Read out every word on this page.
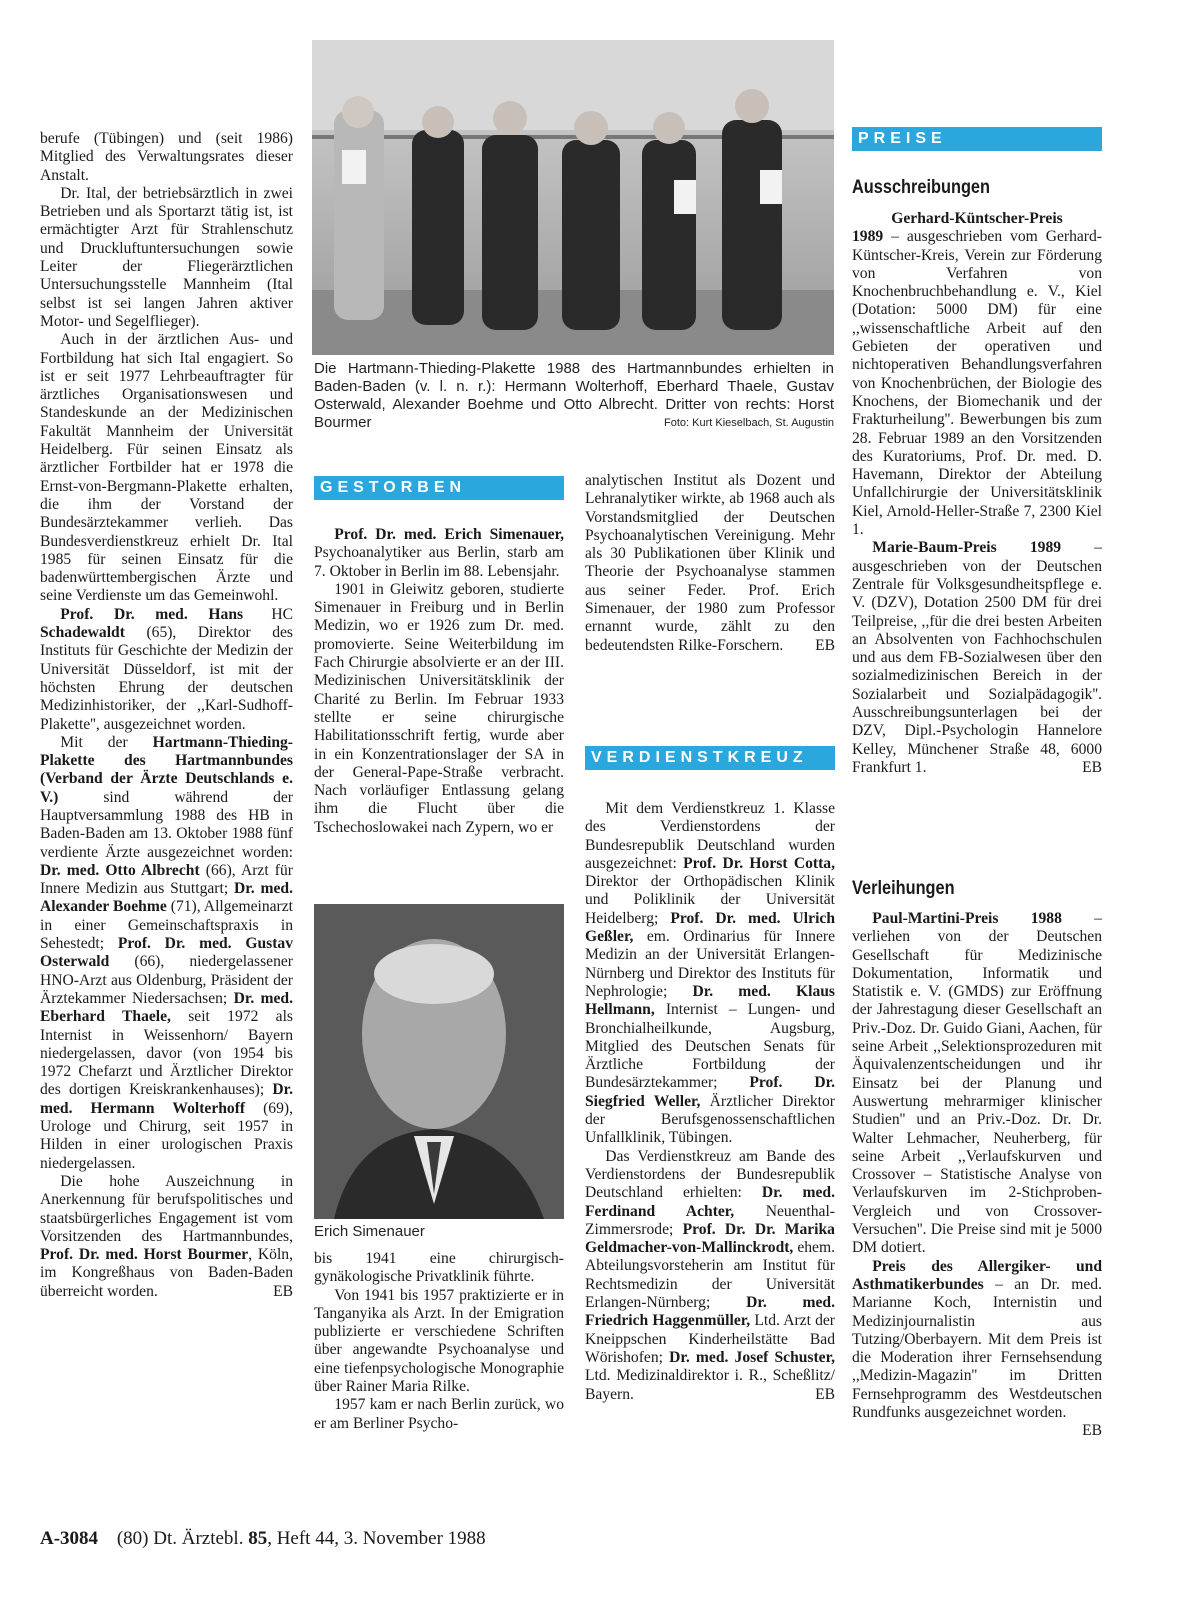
berufe (Tübingen) und (seit 1986) Mitglied des Verwaltungsrates dieser Anstalt.

Dr. Ital, der betriebsärztlich in zwei Betrieben und als Sportarzt tätig ist, ist ermächtigter Arzt für Strahlenschutz und Druckluftuntersuchungen sowie Leiter der Fliegerärztlichen Untersuchungsstelle Mannheim (Ital selbst ist sei langen Jahren aktiver Motor- und Segelflieger).

Auch in der ärztlichen Aus- und Fortbildung hat sich Ital engagiert. So ist er seit 1977 Lehrbeauftragter für ärztliches Organisationswesen und Standeskunde an der Medizinischen Fakultät Mannheim der Universität Heidelberg. Für seinen Einsatz als ärztlicher Fortbilder hat er 1978 die Ernst-von-Bergmann-Plakette erhalten, die ihm der Vorstand der Bundesärztekammer verlieh. Das Bundesverdienstkreuz erhielt Dr. Ital 1985 für seinen Einsatz für die badenwürttembergischen Ärzte und seine Verdienste um das Gemeinwohl.
HC

Prof. Dr. med. Hans Schadewaldt (65), Direktor des Instituts für Geschichte der Medizin der Universität Düsseldorf, ist mit der höchsten Ehrung der deutschen Medizinhistoriker, der ,,Karl-Sudhoff-Plakette'', ausgezeichnet worden.

Mit der Hartmann-Thieding-Plakette des Hartmannbundes (Verband der Ärzte Deutschlands e. V.) sind während der Hauptversammlung 1988 des HB in Baden-Baden am 13. Oktober 1988 fünf verdiente Ärzte ausgezeichnet worden: Dr. med. Otto Albrecht (66), Arzt für Innere Medizin aus Stuttgart; Dr. med. Alexander Boehme (71), Allgemeinarzt in einer Gemeinschaftspraxis in Sehestedt; Prof. Dr. med. Gustav Osterwald (66), niedergelassener HNO-Arzt aus Oldenburg, Präsident der Ärztekammer Niedersachsen; Dr. med. Eberhard Thaele, seit 1972 als Internist in Weissenhorn/ Bayern niedergelassen, davor (von 1954 bis 1972 Chefarzt und Ärztlicher Direktor des dortigen Kreiskrankenhauses); Dr. med. Hermann Wolterhoff (69), Urologe und Chirurg, seit 1957 in Hilden in einer urologischen Praxis niedergelassen.

Die hohe Auszeichnung in Anerkennung für berufspolitisches und staatsbürgerliches Engagement ist vom Vorsitzenden des Hartmannbundes, Prof. Dr. med. Horst Bourmer, Köln, im Kongreßhaus von Baden-Baden überreicht worden.	EB

Die Hartmann-Thieding-Plakette 1988 des Hartmannbundes erhielten in Baden-Baden (v. l. n. r.): Hermann Wolterhoff, Eberhard Thaele, Gustav Osterwald, Alexander Boehme und Otto Albrecht. Dritter von rechts: Horst Bourmer	Foto: Kurt Kieselbach, St. Augustin
GESTORBEN

Prof. Dr. med. Erich Simenauer, Psychoanalytiker aus Berlin, starb am 7. Oktober in Berlin im 88. Lebensjahr.

1901 in Gleiwitz geboren, studierte Simenauer in Freiburg und in Berlin Medizin, wo er 1926 zum Dr. med. promovierte. Seine Weiterbildung im Fach Chirurgie absolvierte er an der III. Medizinischen Universitätsklinik der Charité zu Berlin. Im Februar 1933 stellte er seine chirurgische Habilitationsschrift fertig, wurde aber in ein Konzentrationslager der SA in der General-Pape-Straße verbracht. Nach vorläufiger Entlassung gelang ihm die Flucht über die Tschechoslowakei nach Zypern, wo er

Erich Simenauer

bis 1941 eine chirurgisch-gynäkologische Privatklinik führte.

Von 1941 bis 1957 praktizierte er in Tanganyika als Arzt. In der Emigration publizierte er verschiedene Schriften über angewandte Psychoanalyse und eine tiefenpsychologische Monographie über Rainer Maria Rilke.

1957 kam er nach Berlin zurück, wo er am Berliner Psycho-

analytischen Institut als Dozent und Lehranalytiker wirkte, ab 1968 auch als Vorstandsmitglied der Deutschen Psychoanalytischen Vereinigung. Mehr als 30 Publikationen über Klinik und Theorie der Psychoanalyse stammen aus seiner Feder. Prof. Erich Simenauer, der 1980 zum Professor ernannt wurde, zählt zu den bedeutendsten Rilke-Forschern. EB

VERDIENSTKREUZ

Mit dem Verdienstkreuz 1. Klasse des Verdienstordens der Bundesrepublik Deutschland wurden ausgezeichnet: Prof. Dr. Horst Cotta, Direktor der Orthopädischen Klinik und Poliklinik der Universität Heidelberg; Prof. Dr. med. Ulrich Geßler, em. Ordinarius für Innere Medizin an der Universität Erlangen-Nürnberg und Direktor des Instituts für Nephrologie; Dr. med. Klaus Hellmann, Internist – Lungen- und Bronchialheilkunde, Augsburg, Mitglied des Deutschen Senats für Ärztliche Fortbildung der Bundesärztekammer; Prof. Dr. Siegfried Weller, Ärztlicher Direktor der Berufsgenossenschaftlichen Unfallklinik, Tübingen.

Das Verdienstkreuz am Bande des Verdienstordens der Bundesrepublik Deutschland erhielten: Dr. med. Ferdinand Achter, Neuenthal-Zimmersrode; Prof. Dr. Dr. Marika Geldmacher-von-Mallinckrodt, ehem. Abteilungsvorsteherin am Institut für Rechtsmedizin der Universität Erlangen-Nürnberg; Dr. med. Friedrich Haggenmüller, Ltd. Arzt der Kneippschen Kinderheilstätte Bad Wörishofen; Dr. med. Josef Schuster, Ltd. Medizinaldirektor i. R., Scheßlitz/ Bayern.	EB

PREISE
Ausschreibungen

Gerhard-Küntscher-Preis

1989 – ausgeschrieben vom Gerhard-Küntscher-Kreis, Verein zur Förderung von Verfahren von Knochenbruchbehandlung e. V., Kiel (Dotation: 5000 DM) für eine ,,wissenschaftliche Arbeit auf den Gebieten der operativen und nichtoperativen Behandlungsverfahren von Knochenbrüchen, der Biologie des Knochens, der Biomechanik und der Frakturheilung''. Bewerbungen bis zum 28. Februar 1989 an den Vorsitzenden des Kuratoriums, Prof. Dr. med. D. Havemann, Direktor der Abteilung Unfallchirurgie der Universitätsklinik Kiel, Arnold-Heller-Straße 7, 2300 Kiel 1.

Marie-Baum-Preis 1989 – ausgeschrieben von der Deutschen Zentrale für Volksgesundheitspflege e. V. (DZV), Dotation 2500 DM für drei Teilpreise, ,,für die drei besten Arbeiten an Absolventen von Fachhochschulen und aus dem FB-Sozialwesen über den sozialmedizinischen Bereich in der Sozialarbeit und Sozialpädagogik''. Ausschreibungsunterlagen bei der DZV, Dipl.-Psychologin Hannelore Kelley, Münchener Straße 48, 6000 Frankfurt 1.	EB

Verleihungen

Paul-Martini-Preis 1988 – verliehen von der Deutschen Gesellschaft für Medizinische Dokumentation, Informatik und Statistik e. V. (GMDS) zur Eröffnung der Jahrestagung dieser Gesellschaft an Priv.-Doz. Dr. Guido Giani, Aachen, für seine Arbeit ,,Selektionsprozeduren mit Äquivalenzentscheidungen und ihr Einsatz bei der Planung und Auswertung mehrarmiger klinischer Studien'' und an Priv.-Doz. Dr. Dr. Walter Lehmacher, Neuherberg, für seine Arbeit ,,Verlaufskurven und Crossover – Statistische Analyse von Verlaufskurven im 2-Stichproben-Vergleich und von Crossover-Versuchen''. Die Preise sind mit je 5000 DM dotiert.

Preis des Allergiker- und Asthmatikerbundes – an Dr. med. Marianne Koch, Internistin und Medizinjournalistin aus Tutzing/Oberbayern. Mit dem Preis ist die Moderation ihrer Fernsehsendung ,,Medizin-Magazin'' im Dritten Fernsehprogramm des Westdeutschen Rundfunks ausgezeichnet worden.
EB

A-3084 (80) Dt. Ärztebl. 85, Heft 44, 3. November 1988
